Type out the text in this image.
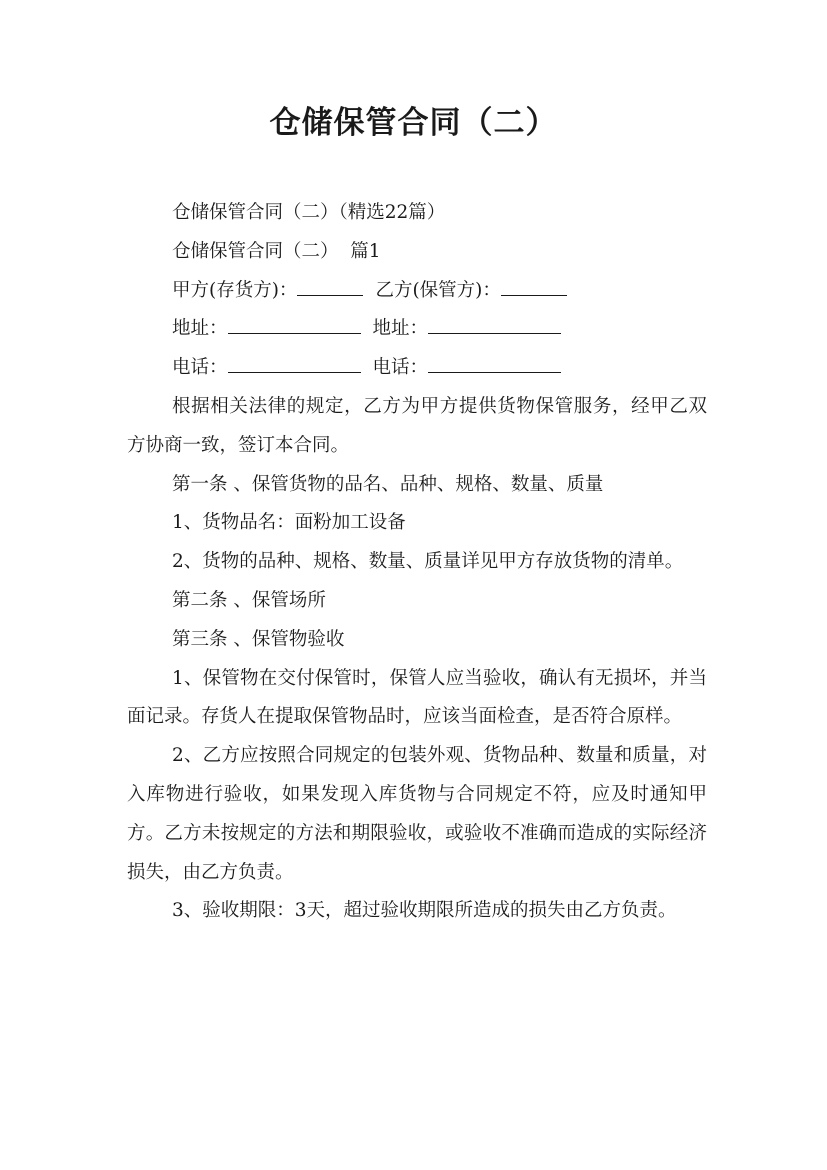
仓储保管合同（二）

仓储保管合同（二）（精选22篇）

仓储保管合同（二）  篇1

甲方(存货方)：	乙方(保管方)：

地址：	地址：

电话：	电话：

根据相关法律的规定，乙方为甲方提供货物保管服务，经甲乙双方协商一致，签订本合同。

第一条 、保管货物的品名、品种、规格、数量、质量

1、货物品名：面粉加工设备

2、货物的品种、规格、数量、质量详见甲方存放货物的清单。

第二条 、保管场所

第三条 、保管物验收

1、保管物在交付保管时，保管人应当验收，确认有无损坏，并当面记录。存货人在提取保管物品时，应该当面检查，是否符合原样。

2、乙方应按照合同规定的包装外观、货物品种、数量和质量，对入库物进行验收，如果发现入库货物与合同规定不符，应及时通知甲方。乙方未按规定的方法和期限验收，或验收不准确而造成的实际经济损失，由乙方负责。

3、验收期限：3天，超过验收期限所造成的损失由乙方负责。
